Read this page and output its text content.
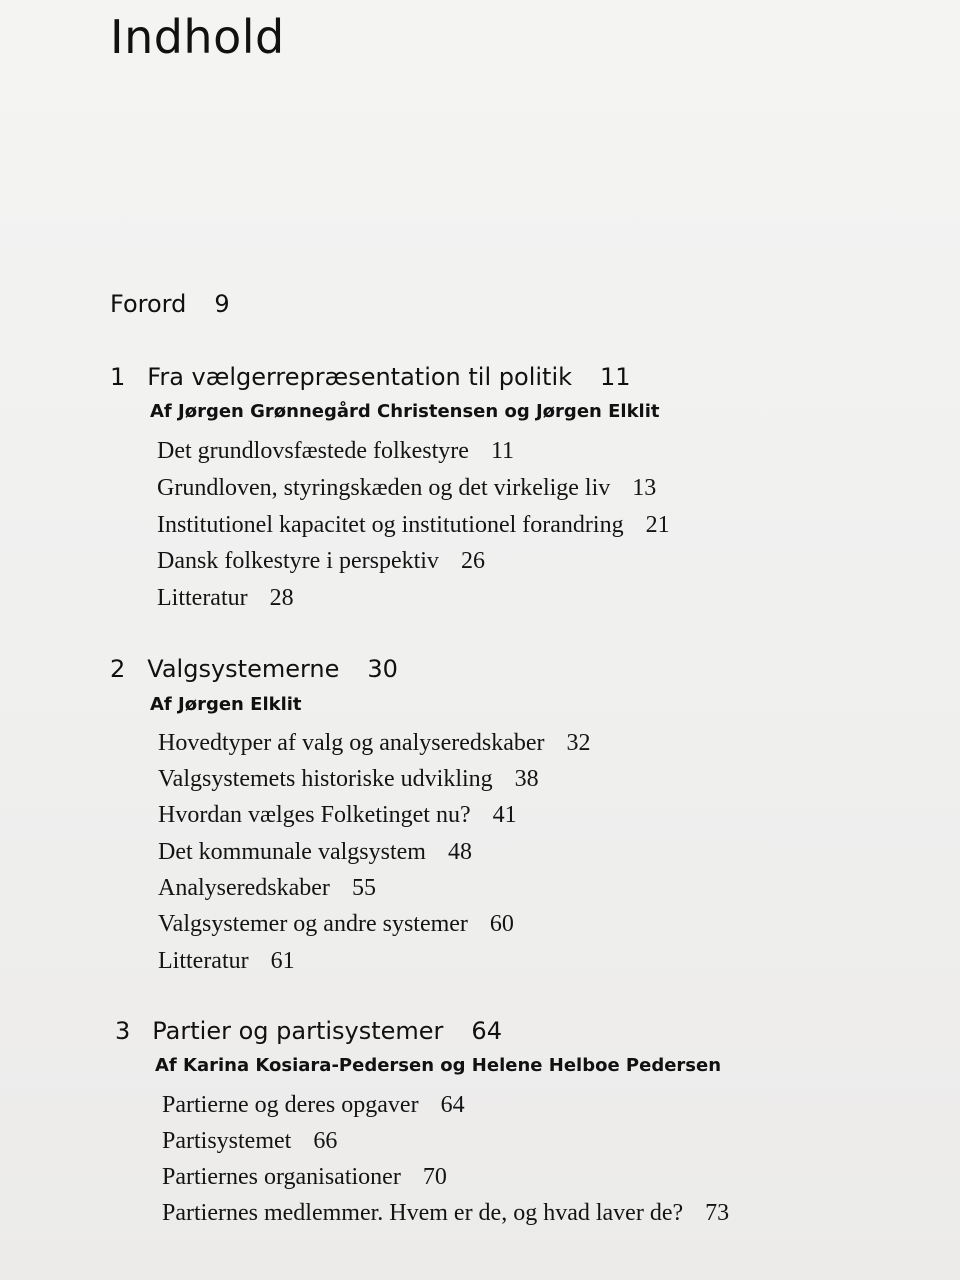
Indhold
Forord 9
1 Fra vælgerrepræsentation til politik 11
Af Jørgen Grønnegård Christensen og Jørgen Elklit
Det grundlovsfæstede folkestyre 11
Grundloven, styringskæden og det virkelige liv 13
Institutionel kapacitet og institutionel forandring 21
Dansk folkestyre i perspektiv 26
Litteratur 28
2 Valgsystemerne 30
Af Jørgen Elklit
Hovedtyper af valg og analyseredskaber 32
Valgsystemets historiske udvikling 38
Hvordan vælges Folketinget nu? 41
Det kommunale valgsystem 48
Analyseredskaber 55
Valgsystemer og andre systemer 60
Litteratur 61
3 Partier og partisystemer 64
Af Karina Kosiara-Pedersen og Helene Helboe Pedersen
Partierne og deres opgaver 64
Partisystemet 66
Partiernes organisationer 70
Partiernes medlemmer. Hvem er de, og hvad laver de? 73
